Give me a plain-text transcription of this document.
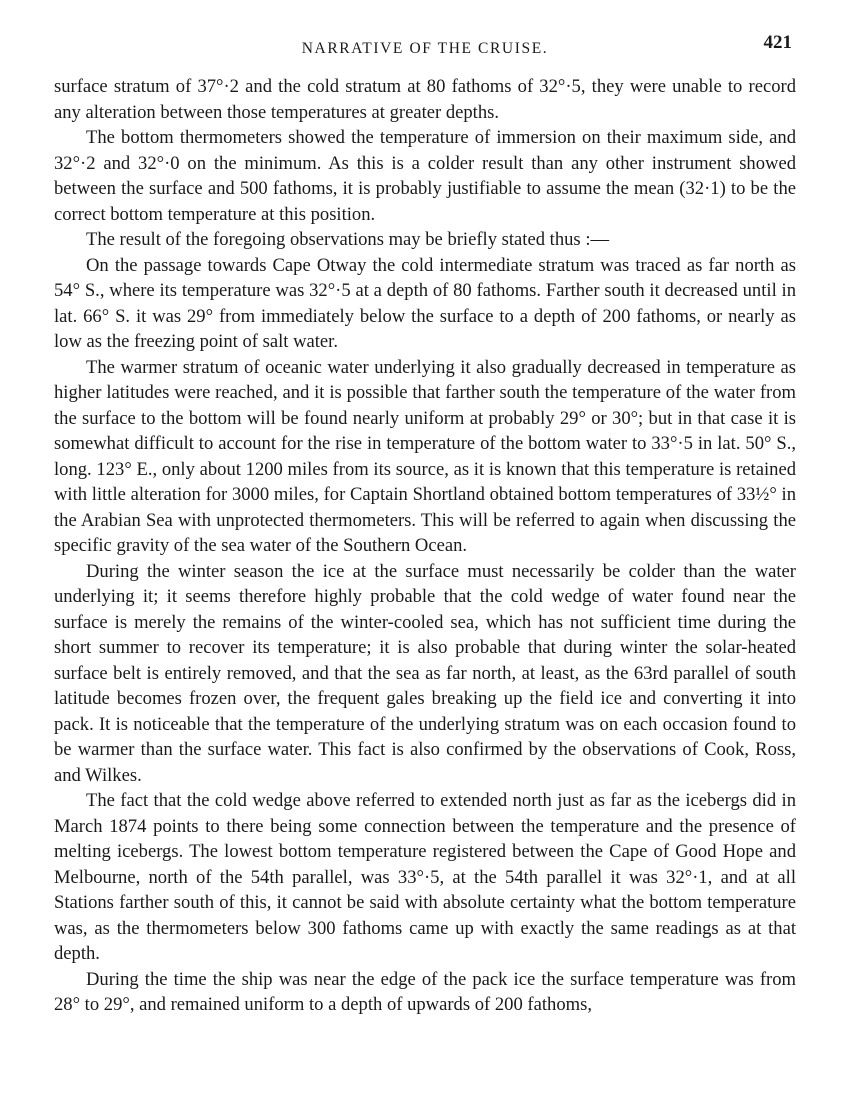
NARRATIVE OF THE CRUISE.	421

surface stratum of 37°·2 and the cold stratum at 80 fathoms of 32°·5, they were unable to record any alteration between those temperatures at greater depths.

The bottom thermometers showed the temperature of immersion on their maximum side, and 32°·2 and 32°·0 on the minimum. As this is a colder result than any other instrument showed between the surface and 500 fathoms, it is probably justifiable to assume the mean (32·1) to be the correct bottom temperature at this position.

The result of the foregoing observations may be briefly stated thus :—

On the passage towards Cape Otway the cold intermediate stratum was traced as far north as 54° S., where its temperature was 32°·5 at a depth of 80 fathoms. Farther south it decreased until in lat. 66° S. it was 29° from immediately below the surface to a depth of 200 fathoms, or nearly as low as the freezing point of salt water.

The warmer stratum of oceanic water underlying it also gradually decreased in temperature as higher latitudes were reached, and it is possible that farther south the temperature of the water from the surface to the bottom will be found nearly uniform at probably 29° or 30°; but in that case it is somewhat difficult to account for the rise in temperature of the bottom water to 33°·5 in lat. 50° S., long. 123° E., only about 1200 miles from its source, as it is known that this temperature is retained with little alteration for 3000 miles, for Captain Shortland obtained bottom temperatures of 33½° in the Arabian Sea with unprotected thermometers. This will be referred to again when discussing the specific gravity of the sea water of the Southern Ocean.

During the winter season the ice at the surface must necessarily be colder than the water underlying it; it seems therefore highly probable that the cold wedge of water found near the surface is merely the remains of the winter-cooled sea, which has not sufficient time during the short summer to recover its temperature; it is also probable that during winter the solar-heated surface belt is entirely removed, and that the sea as far north, at least, as the 63rd parallel of south latitude becomes frozen over, the frequent gales breaking up the field ice and converting it into pack. It is noticeable that the temperature of the underlying stratum was on each occasion found to be warmer than the surface water. This fact is also confirmed by the observations of Cook, Ross, and Wilkes.

The fact that the cold wedge above referred to extended north just as far as the icebergs did in March 1874 points to there being some connection between the temperature and the presence of melting icebergs. The lowest bottom temperature registered between the Cape of Good Hope and Melbourne, north of the 54th parallel, was 33°·5, at the 54th parallel it was 32°·1, and at all Stations farther south of this, it cannot be said with absolute certainty what the bottom temperature was, as the thermometers below 300 fathoms came up with exactly the same readings as at that depth.

During the time the ship was near the edge of the pack ice the surface temperature was from 28° to 29°, and remained uniform to a depth of upwards of 200 fathoms,
